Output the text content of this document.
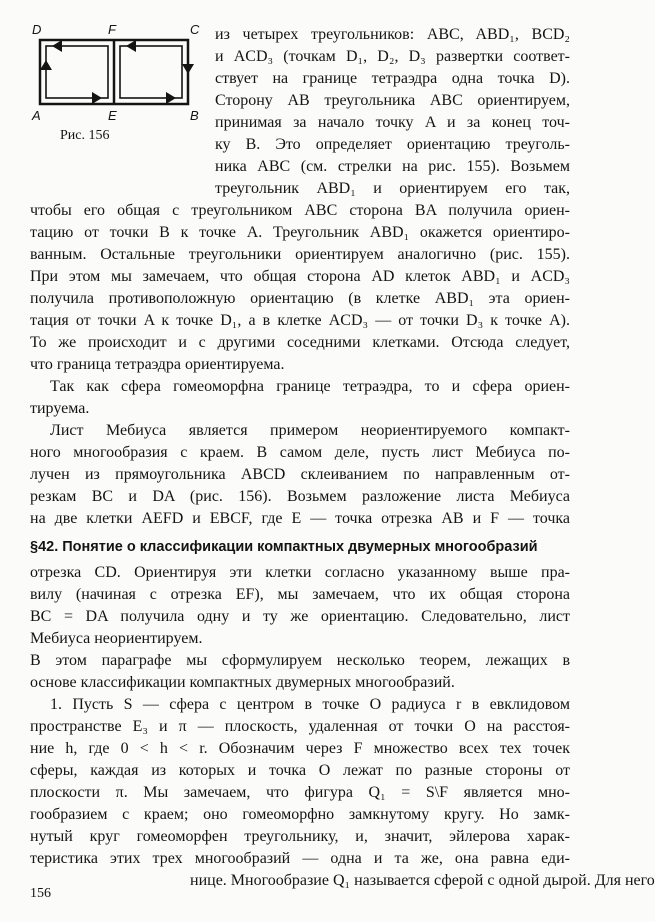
D	F	C
A	E	B
Рис. 156
из четырех треугольников: ABC, ABD₁, BCD₂
и ACD₃ (точкам D₁, D₂, D₃ развертки соответ-
ствует на границе тетраэдра одна точка D).
Сторону AB треугольника ABC ориентируем,
принимая за начало точку A и за конец точ-
ку B. Это определяет ориентацию треуголь-
ника ABC (см. стрелки на рис. 155). Возьмем
треугольник ABD₁ и ориентируем его так,
чтобы его общая с треугольником ABC сторона BA получила ориен-
тацию от точки B к точке A. Треугольник ABD₁ окажется ориентиро-
ванным. Остальные треугольники ориентируем аналогично (рис. 155).
При этом мы замечаем, что общая сторона AD клеток ABD₁ и ACD₃
получила противоположную ориентацию (в клетке ABD₁ эта ориен-
тация от точки A к точке D₁, а в клетке ACD₃ — от точки D₃ к точке A).
То же происходит и с другими соседними клетками. Отсюда следует,
что граница тетраэдра ориентируема.
Так как сфера гомеоморфна границе тетраэдра, то и сфера ориен-
тируема.
Лист Мебиуса является примером неориентируемого компакт-
ного многообразия с краем. В самом деле, пусть лист Мебиуса по-
лучен из прямоугольника ABCD склеиванием по направленным от-
резкам BC и DA (рис. 156). Возьмем разложение листа Мебиуса
на две клетки AEFD и EBCF, где E — точка отрезка AB и F — точка
§42. Понятие о классификации компактных двумерных многообразий
отрезка CD. Ориентируя эти клетки согласно указанному выше пра-
вилу (начиная с отрезка EF), мы замечаем, что их общая сторона
BC = DA получила одну и ту же ориентацию. Следовательно, лист
Мебиуса неориентируем.
В этом параграфе мы сформулируем несколько теорем, лежащих в
основе классификации компактных двумерных многообразий.
1. Пусть S — сфера с центром в точке O радиуса r в евклидовом
пространстве E₃ и π — плоскость, удаленная от точки O на расстоя-
ние h, где 0 < h < r. Обозначим через F множество всех тех точек
сферы, каждая из которых и точка O лежат по разные стороны от
плоскости π. Мы замечаем, что фигура Q₁ = S\F является мно-
гообразием с краем; оно гомеоморфно замкнутому кругу. Но замк-
нутый круг гомеоморфен треугольнику, и, значит, эйлерова харак-
теристика этих трех многообразий — одна и та же, она равна еди-
нице. Многообразие Q₁ называется сферой с одной дырой. Для него
156
